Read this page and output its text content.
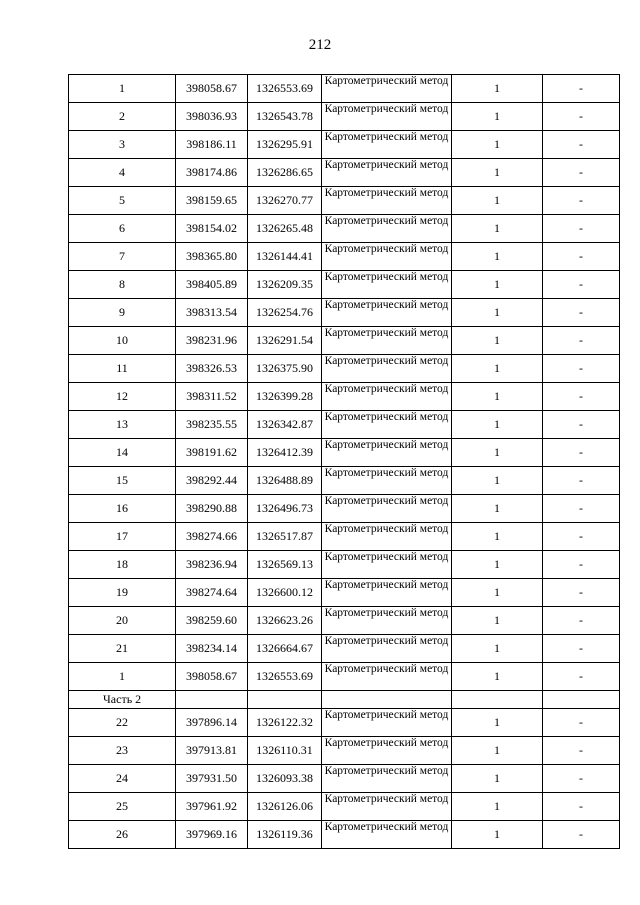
212
1	398058.67	1326553.69	Картометрический метод	1	-
2	398036.93	1326543.78	Картометрический метод	1	-
3	398186.11	1326295.91	Картометрический метод	1	-
4	398174.86	1326286.65	Картометрический метод	1	-
5	398159.65	1326270.77	Картометрический метод	1	-
6	398154.02	1326265.48	Картометрический метод	1	-
7	398365.80	1326144.41	Картометрический метод	1	-
8	398405.89	1326209.35	Картометрический метод	1	-
9	398313.54	1326254.76	Картометрический метод	1	-
10	398231.96	1326291.54	Картометрический метод	1	-
11	398326.53	1326375.90	Картометрический метод	1	-
12	398311.52	1326399.28	Картометрический метод	1	-
13	398235.55	1326342.87	Картометрический метод	1	-
14	398191.62	1326412.39	Картометрический метод	1	-
15	398292.44	1326488.89	Картометрический метод	1	-
16	398290.88	1326496.73	Картометрический метод	1	-
17	398274.66	1326517.87	Картометрический метод	1	-
18	398236.94	1326569.13	Картометрический метод	1	-
19	398274.64	1326600.12	Картометрический метод	1	-
20	398259.60	1326623.26	Картометрический метод	1	-
21	398234.14	1326664.67	Картометрический метод	1	-
1	398058.67	1326553.69	Картометрический метод	1	-
Часть 2					
22	397896.14	1326122.32	Картометрический метод	1	-
23	397913.81	1326110.31	Картометрический метод	1	-
24	397931.50	1326093.38	Картометрический метод	1	-
25	397961.92	1326126.06	Картометрический метод	1	-
26	397969.16	1326119.36	Картометрический метод	1	-
